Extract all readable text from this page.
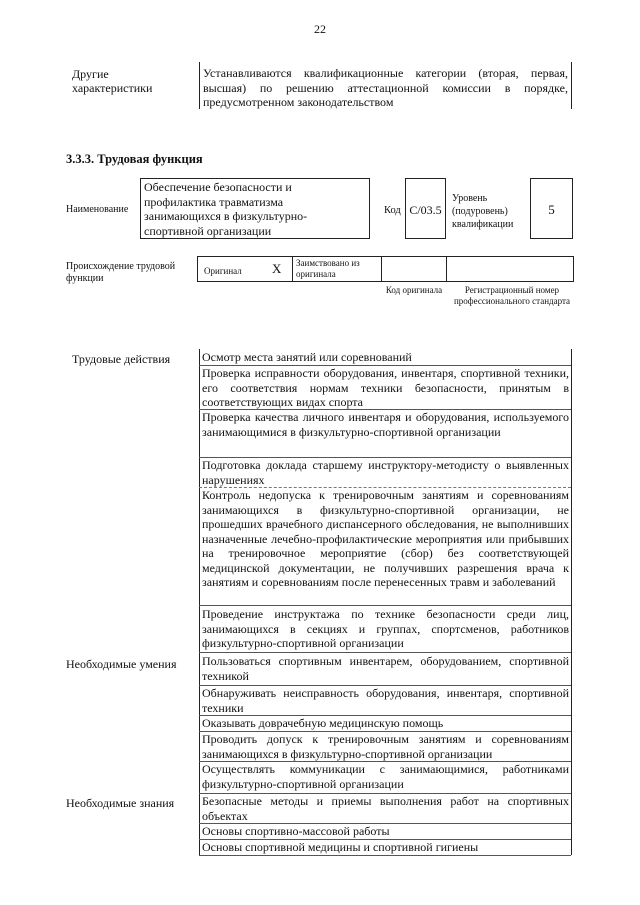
22
Другие характеристики
Устанавливаются квалификационные категории (вторая, первая, высшая) по решению аттестационной комиссии в порядке, предусмотренном законодательством
3.3.3. Трудовая функция
Наименование
Обеспечение безопасности и профилактика травматизма занимающихся в физкультурно-спортивной организации
Код C/03.5
Уровень (подуровень) квалификации
5
Происхождение трудовой функции
Оригинал X Заимствовано из оригинала
Код оригинала	Регистрационный номер профессионального стандарта
Трудовые действия
Необходимые умения
Необходимые знания
Осмотр места занятий или соревнований
Проверка исправности оборудования, инвентаря, спортивной техники, его соответствия нормам техники безопасности, принятым в соответствующих видах спорта
Проверка качества личного инвентаря и оборудования, используемого занимающимися в физкультурно-спортивной организации
Подготовка доклада старшему инструктору-методисту о выявленных нарушениях
Контроль недопуска к тренировочным занятиям и соревнованиям занимающихся в физкультурно-спортивной организации, не прошедших врачебного диспансерного обследования, не выполнивших назначенные лечебно-профилактические мероприятия или прибывших на тренировочное мероприятие (сбор) без соответствующей медицинской документации, не получивших разрешения врача к занятиям и соревнованиям после перенесенных травм и заболеваний
Проведение инструктажа по технике безопасности среди лиц, занимающихся в секциях и группах, спортсменов, работников физкультурно-спортивной организации
Пользоваться спортивным инвентарем, оборудованием, спортивной техникой
Обнаруживать неисправность оборудования, инвентаря, спортивной техники
Оказывать доврачебную медицинскую помощь
Проводить допуск к тренировочным занятиям и соревнованиям занимающихся в физкультурно-спортивной организации
Осуществлять коммуникации с занимающимися, работниками физкультурно-спортивной организации
Безопасные методы и приемы выполнения работ на спортивных объектах
Основы спортивно-массовой работы
Основы спортивной медицины и спортивной гигиены
